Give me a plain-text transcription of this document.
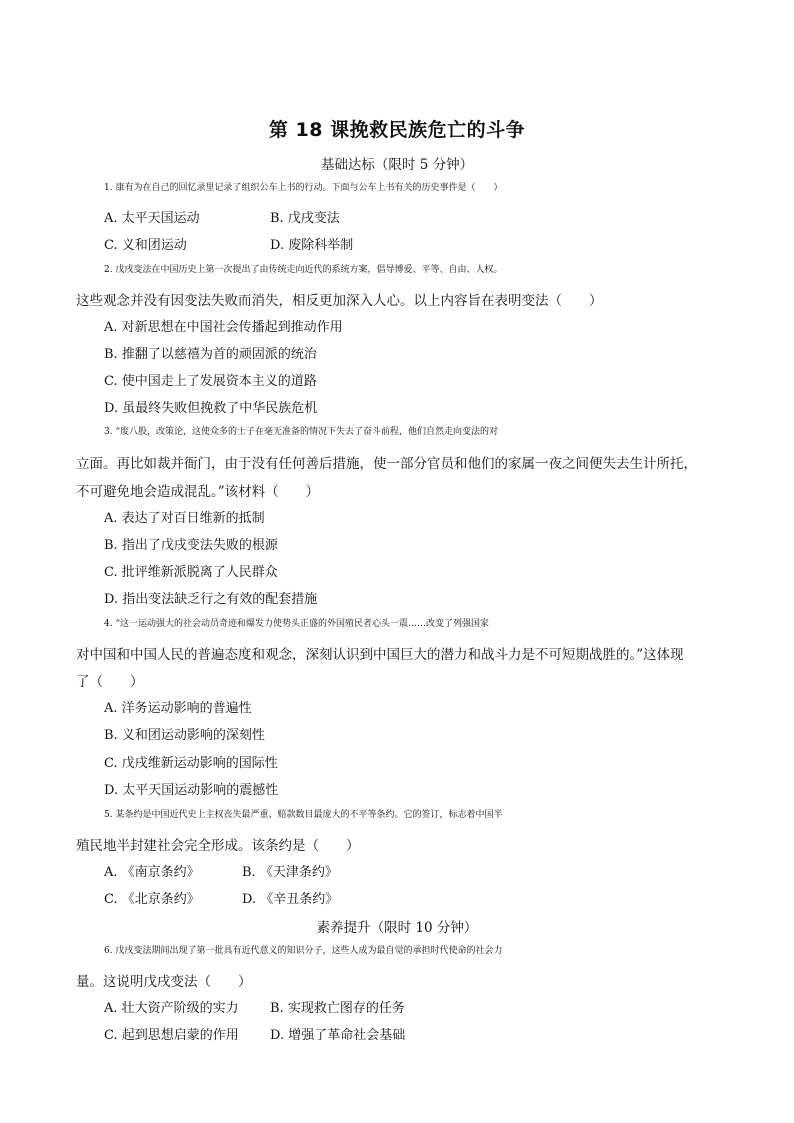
第 18 课挽救民族危亡的斗争
基础达标（限时 5 分钟）
1. 康有为在自己的回忆录里记录了组织公车上书的行动。下面与公车上书有关的历史事件是（　　）
A. 太平天国运动	B. 戊戌变法
C. 义和团运动	D. 废除科举制
2. 戊戌变法在中国历史上第一次提出了由传统走向近代的系统方案，倡导博爱、平等、自由、人权。
这些观念并没有因变法失败而消失，相反更加深入人心。以上内容旨在表明变法（　　）
A. 对新思想在中国社会传播起到推动作用
B. 推翻了以慈禧为首的顽固派的统治
C. 使中国走上了发展资本主义的道路
D. 虽最终失败但挽救了中华民族危机
3. “废八股，改策论，这使众多的士子在毫无准备的情况下失去了奋斗前程，他们自然走向变法的对
立面。再比如裁并衙门，由于没有任何善后措施，使一部分官员和他们的家属一夜之间便失去生计所托，
不可避免地会造成混乱。”该材料（　　）
A. 表达了对百日维新的抵制
B. 指出了戊戌变法失败的根源
C. 批评维新派脱离了人民群众
D. 指出变法缺乏行之有效的配套措施
4. “这一运动强大的社会动员奇迹和爆发力使势头正盛的外国殖民者心头一震……改变了列强国家
对中国和中国人民的普遍态度和观念，深刻认识到中国巨大的潜力和战斗力是不可短期战胜的。”这体现
了（　　）
A. 洋务运动影响的普遍性
B. 义和团运动影响的深刻性
C. 戊戌维新运动影响的国际性
D. 太平天国运动影响的震撼性
5. 某条约是中国近代史上主权丧失最严重、赔款数目最庞大的不平等条约。它的签订，标志着中国半
殖民地半封建社会完全形成。该条约是（　　）
A. 《南京条约》	B. 《天津条约》
C. 《北京条约》	D. 《辛丑条约》
素养提升（限时 10 分钟）
6. 戊戌变法期间出现了第一批具有近代意义的知识分子，这些人成为最自觉的承担时代使命的社会力
量。这说明戊戌变法（　　）
A. 壮大资产阶级的实力 B. 实现救亡图存的任务
C. 起到思想启蒙的作用 D. 增强了革命社会基础
